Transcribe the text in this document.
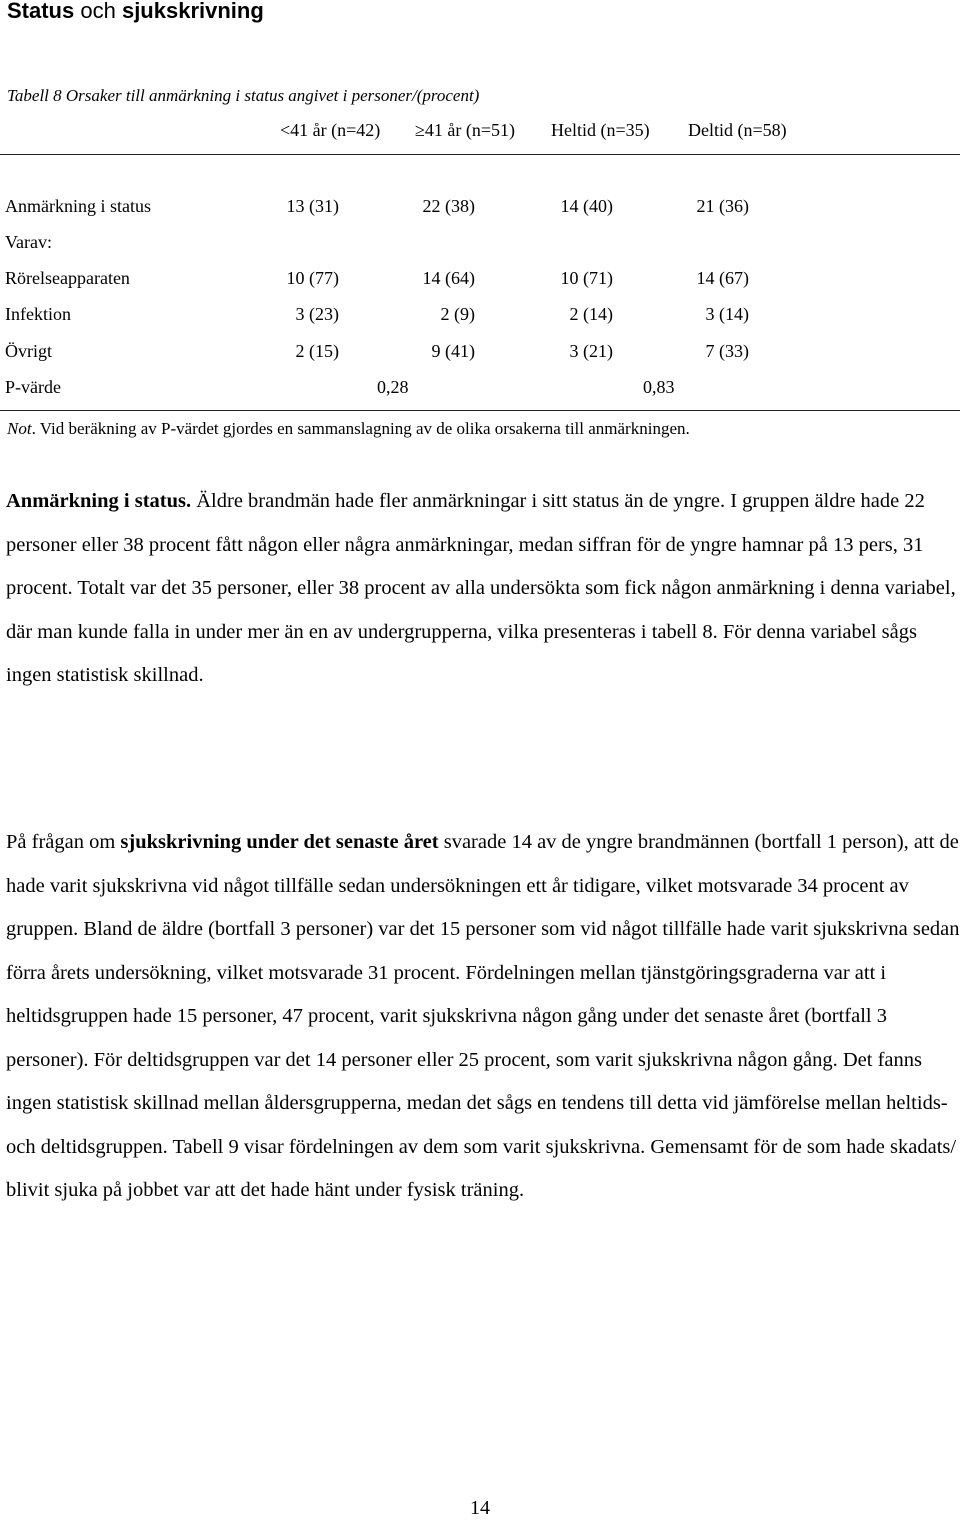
Status och sjukskrivning
Tabell 8 Orsaker till anmärkning i status angivet i personer/(procent)
<41 år (n=42) ≥41 år (n=51) Heltid (n=35) Deltid (n=58)
Anmärkning i status	13 (31)	22 (38)	14 (40)	21 (36)
Varav:
Rörelseapparaten	10 (77)	14 (64)	10 (71)	14 (67)
Infektion	3 (23)	2 (9)	2 (14)	3 (14)
Övrigt	2 (15)	9 (41)	3 (21)	7 (33)
P-värde	0,28	0,83
Not. Vid beräkning av P-värdet gjordes en sammanslagning av de olika orsakerna till anmärkningen.

Anmärkning i status. Äldre brandmän hade fler anmärkningar i sitt status än de yngre. I gruppen äldre hade 22 personer eller 38 procent fått någon eller några anmärkningar, medan siffran för de yngre hamnar på 13 pers, 31 procent. Totalt var det 35 personer, eller 38 procent av alla undersökta som fick någon anmärkning i denna variabel, där man kunde falla in under mer än en av undergrupperna, vilka presenteras i tabell 8. För denna variabel sågs ingen statistisk skillnad.

På frågan om sjukskrivning under det senaste året svarade 14 av de yngre brandmännen (bortfall 1 person), att de hade varit sjukskrivna vid något tillfälle sedan undersökningen ett år tidigare, vilket motsvarade 34 procent av gruppen. Bland de äldre (bortfall 3 personer) var det 15 personer som vid något tillfälle hade varit sjukskrivna sedan förra årets undersökning, vilket motsvarade 31 procent. Fördelningen mellan tjänstgöringsgraderna var att i heltidsgruppen hade 15 personer, 47 procent, varit sjukskrivna någon gång under det senaste året (bortfall 3 personer). För deltidsgruppen var det 14 personer eller 25 procent, som varit sjukskrivna någon gång. Det fanns ingen statistisk skillnad mellan åldersgrupperna, medan det sågs en tendens till detta vid jämförelse mellan heltids- och deltidsgruppen. Tabell 9 visar fördelningen av dem som varit sjukskrivna. Gemensamt för de som hade skadats/ blivit sjuka på jobbet var att det hade hänt under fysisk träning.

14
